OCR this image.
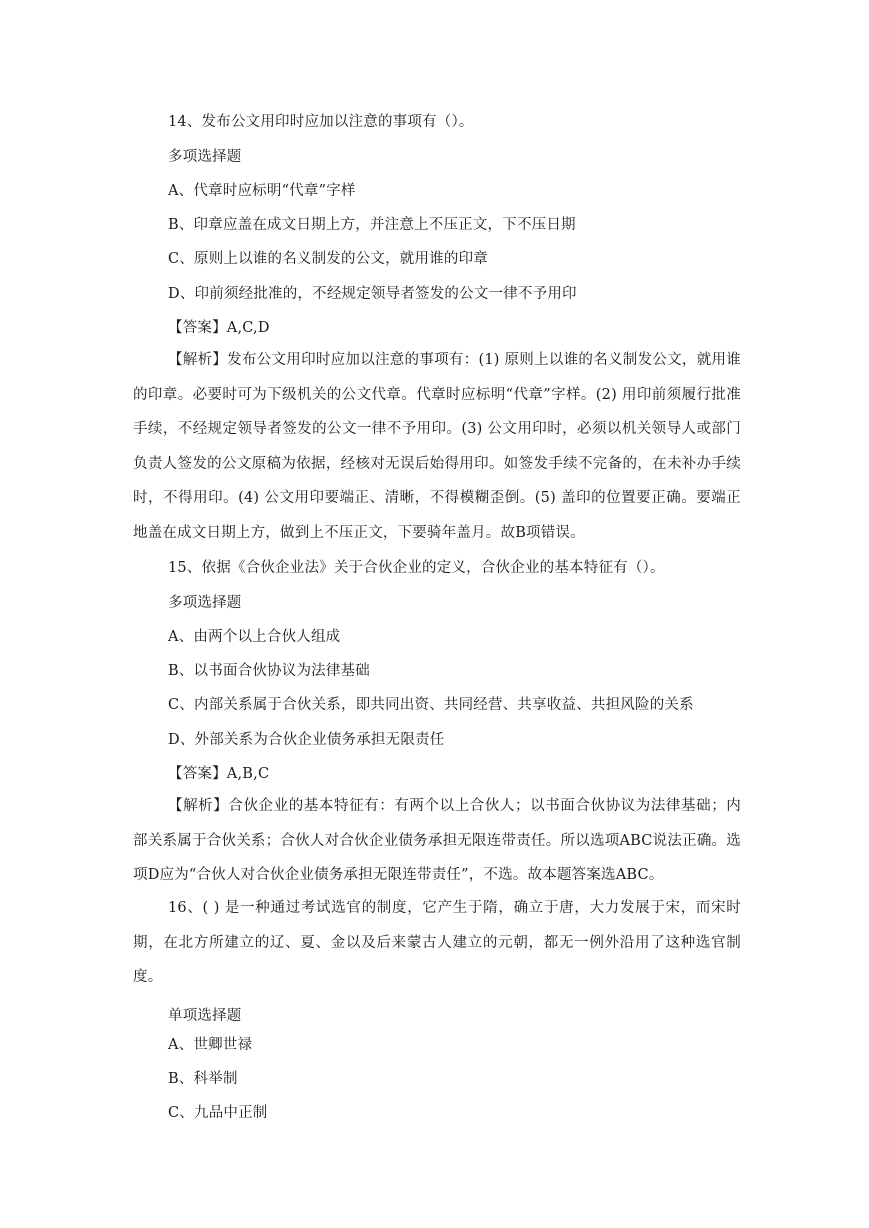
14、发布公文用印时应加以注意的事项有（）。
多项选择题
A、代章时应标明“代章”字样
B、印章应盖在成文日期上方，并注意上不压正文，下不压日期
C、原则上以谁的名义制发的公文，就用谁的印章
D、印前须经批准的，不经规定领导者签发的公文一律不予用印
【答案】A,C,D
【解析】发布公文用印时应加以注意的事项有：(1) 原则上以谁的名义制发公文，就用谁的印章。必要时可为下级机关的公文代章。代章时应标明“代章”字样。(2) 用印前须履行批准手续，不经规定领导者签发的公文一律不予用印。(3) 公文用印时，必须以机关领导人或部门负责人签发的公文原稿为依据，经核对无误后始得用印。如签发手续不完备的，在未补办手续时，不得用印。(4) 公文用印要端正、清晰，不得模糊歪倒。(5) 盖印的位置要正确。要端正地盖在成文日期上方，做到上不压正文，下要骑年盖月。故B项错误。
15、依据《合伙企业法》关于合伙企业的定义，合伙企业的基本特征有（）。
多项选择题
A、由两个以上合伙人组成
B、以书面合伙协议为法律基础
C、内部关系属于合伙关系，即共同出资、共同经营、共享收益、共担风险的关系
D、外部关系为合伙企业债务承担无限责任
【答案】A,B,C
【解析】合伙企业的基本特征有：有两个以上合伙人；以书面合伙协议为法律基础；内部关系属于合伙关系；合伙人对合伙企业债务承担无限连带责任。所以选项ABC说法正确。选项D应为“合伙人对合伙企业债务承担无限连带责任”，不选。故本题答案选ABC。
16、( ) 是一种通过考试选官的制度，它产生于隋，确立于唐，大力发展于宋，而宋时期，在北方所建立的辽、夏、金以及后来蒙古人建立的元朝，都无一例外沿用了这种选官制度。
单项选择题
A、世卿世禄
B、科举制
C、九品中正制
